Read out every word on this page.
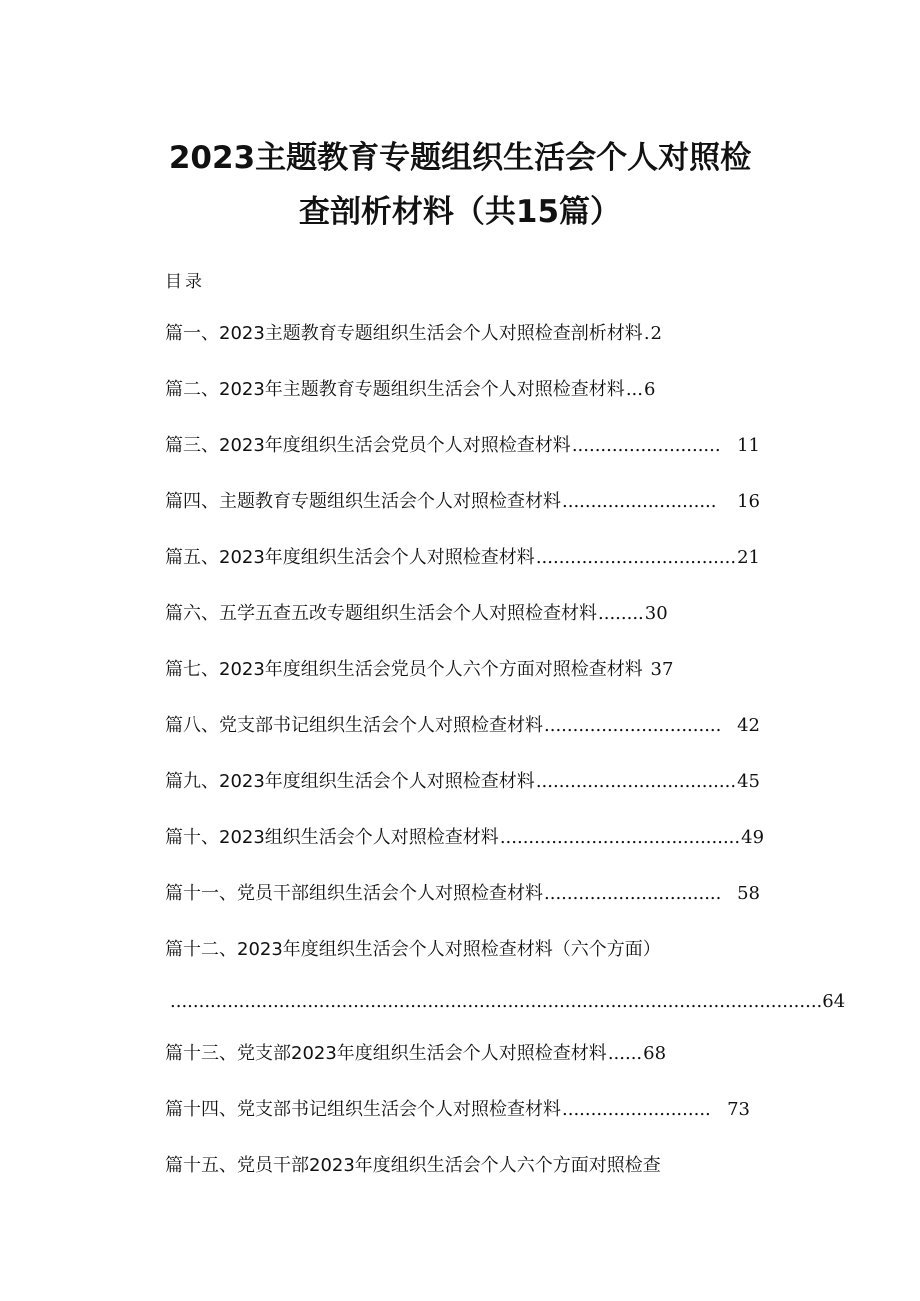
2023主题教育专题组织生活会个人对照检
查剖析材料（共15篇）
目录
篇一、 2023主题教育专题组织生活会个人对照检查剖析材料 . 2
篇二、 2023年主题教育专题组织生活会个人对照检查材料 ... 6
篇三、 2023年度组织生活会党员个人对照检查材料 .......................... 11
篇四、 主题教育专题组织生活会个人对照检查材料 ...........................	16
篇五、 2023年度组织生活会个人对照检查材料 ................................... 21
篇六、 五学五查五改专题组织生活会个人对照检查材料 ........ 30
篇七、 2023年度组织生活会党员个人六个方面对照检查材料
37
篇八、 党支部书记组织生活会个人对照检查材料 ............................... 42
篇九、 2023年度组织生活会个人对照检查材料 ................................... 45
篇十、 2023组织生活会个人对照检查材料 .......................................... 49
篇十一、 党员干部组织生活会个人对照检查材料 ............................... 58
篇十二、 2023年度组织生活会个人对照检查材料（六个方面）
篇十三、 党支部2023年度组织生活会个人对照检查材料 ...... 68
篇十四、 党支部书记组织生活会个人对照检查材料 .......................... 73
篇十五、 党员干部2023年度组织生活会个人六个方面对照检查
.................................................................................................................. 64
